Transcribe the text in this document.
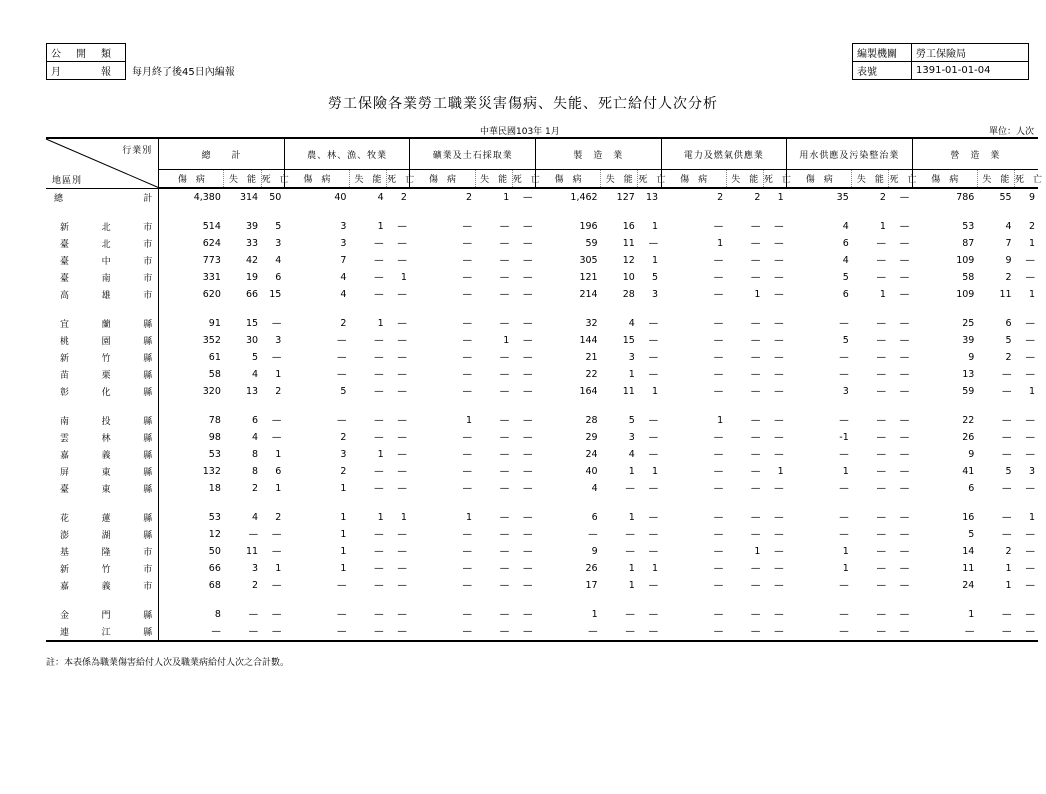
公開類	
月報	每月終了後45日內編報
編製機關	勞工保險局
表號	1391-01-01-04
勞工保險各業勞工職業災害傷病、失能、死亡給付人次分析
中華民國103年 1月	單位：人次
行業別
地區別	總　　計			農、林、漁、牧業			礦業及土石採取業			製　造　業			電力及燃氣供應業			用水供應及污染整治業			營　造　業		
	傷　病	失　能	死　亡	傷　病	失　能	死　亡	傷　病	失　能	死　亡	傷　病	失　能	死　亡	傷　病	失　能	死　亡	傷　病	失　能	死　亡	傷　病	失　能	死　亡
總　　計	4,380	314	50	40	4	2	2	1	—	1,462	127	13	2	2	1	35	2	—	786	55	9

新北市	514	39	5	3	1	—	—	—	—	196	16	1	—	—	—	4	1	—	53	4	2
臺北市	624	33	3	3	—	—	—	—	—	59	11	—	1	—	—	6	—	—	87	7	1
臺中市	773	42	4	7	—	—	—	—	—	305	12	1	—	—	—	4	—	—	109	9	—
臺南市	331	19	6	4	—	1	—	—	—	121	10	5	—	—	—	5	—	—	58	2	—
高雄市	620	66	15	4	—	—	—	—	—	214	28	3	—	1	—	6	1	—	109	11	1

宜蘭縣	91	15	—	2	1	—	—	—	—	32	4	—	—	—	—	—	—	—	25	6	—
桃園縣	352	30	3	—	—	—	—	1	—	144	15	—	—	—	—	5	—	—	39	5	—
新竹縣	61	5	—	—	—	—	—	—	—	21	3	—	—	—	—	—	—	—	9	2	—
苗栗縣	58	4	1	—	—	—	—	—	—	22	1	—	—	—	—	—	—	—	13	—	—
彰化縣	320	13	2	5	—	—	—	—	—	164	11	1	—	—	—	3	—	—	59	—	1

南投縣	78	6	—	—	—	—	1	—	—	28	5	—	1	—	—	—	—	—	22	—	—
雲林縣	98	4	—	2	—	—	—	—	—	29	3	—	—	—	—	-1	—	—	26	—	—
嘉義縣	53	8	1	3	1	—	—	—	—	24	4	—	—	—	—	—	—	—	9	—	—
屏東縣	132	8	6	2	—	—	—	—	—	40	1	1	—	—	1	1	—	—	41	5	3
臺東縣	18	2	1	1	—	—	—	—	—	4	—	—	—	—	—	—	—	—	6	—	—

花蓮縣	53	4	2	1	1	1	1	—	—	6	1	—	—	—	—	—	—	—	16	—	1
澎湖縣	12	—	—	1	—	—	—	—	—	—	—	—	—	—	—	—	—	—	5	—	—
基隆市	50	11	—	1	—	—	—	—	—	9	—	—	—	1	—	1	—	—	14	2	—
新竹市	66	3	1	1	—	—	—	—	—	26	1	1	—	—	—	1	—	—	11	1	—
嘉義市	68	2	—	—	—	—	—	—	—	17	1	—	—	—	—	—	—	—	24	1	—

金門縣	8	—	—	—	—	—	—	—	—	1	—	—	—	—	—	—	—	—	1	—	—
連江縣	—	—	—	—	—	—	—	—	—	—	—	—	—	—	—	—	—	—	—	—	—
註：本表係為職業傷害給付人次及職業病給付人次之合計數。
